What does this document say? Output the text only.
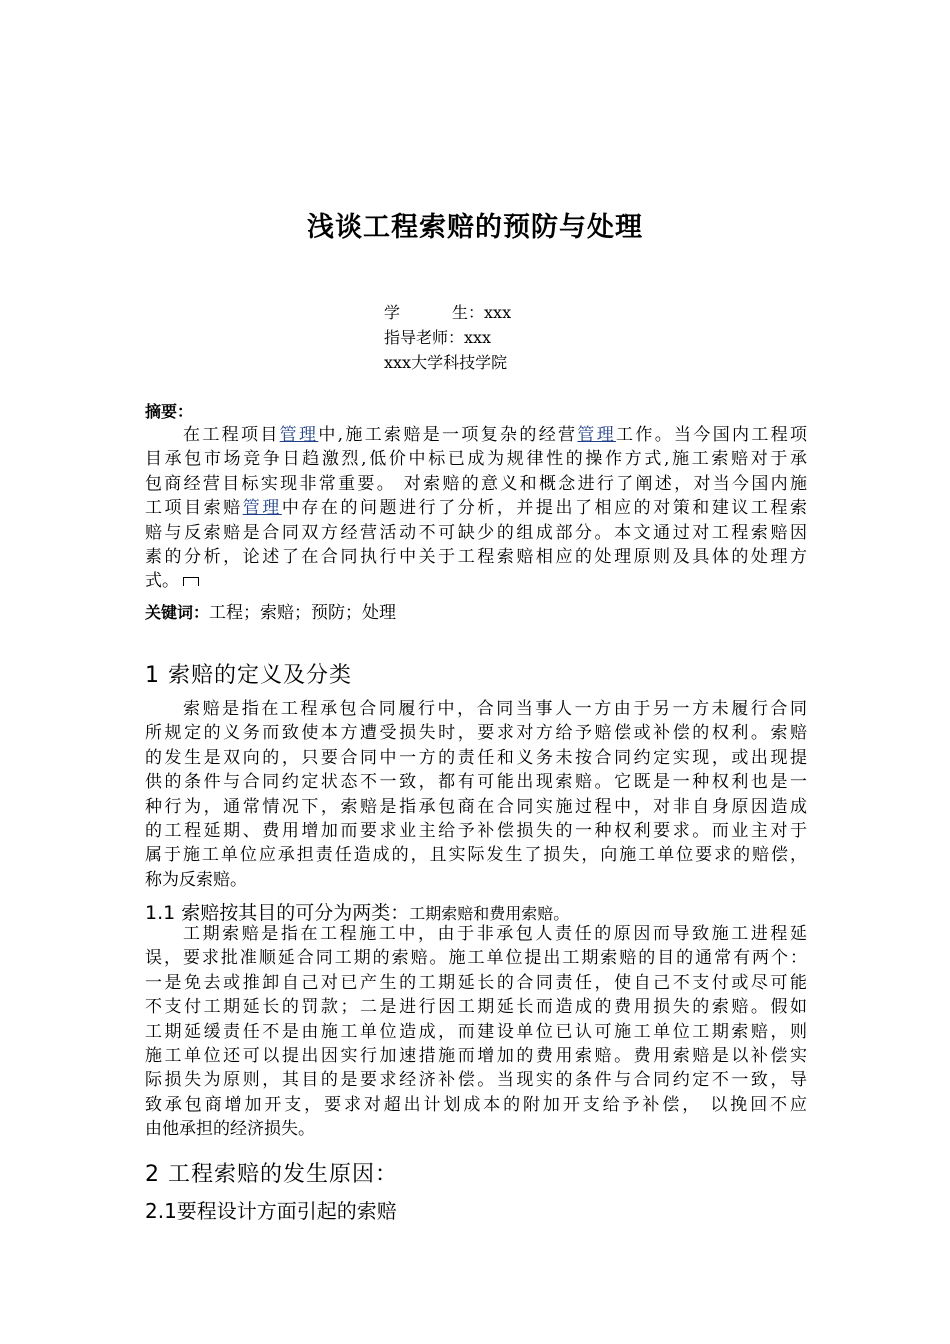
浅谈工程索赔的预防与处理
学	生：xxx
指导老师：xxx
xxx大学科技学院
摘要：
在工程项目管理中,施工索赔是一项复杂的经营管理工作。当今国内工程项
目承包市场竞争日趋激烈,低价中标已成为规律性的操作方式,施工索赔对于承
包商经营目标实现非常重要。 对索赔的意义和概念进行了阐述，对当今国内施
工项目索赔管理中存在的问题进行了分析，并提出了相应的对策和建议工程索
赔与反索赔是合同双方经营活动不可缺少的组成部分。本文通过对工程索赔因
素的分析，论述了在合同执行中关于工程索赔相应的处理原则及具体的处理方
式。
关键词：工程；索赔；预防；处理
1 索赔的定义及分类
索赔是指在工程承包合同履行中，合同当事人一方由于另一方未履行合同
所规定的义务而致使本方遭受损失时，要求对方给予赔偿或补偿的权利。索赔
的发生是双向的，只要合同中一方的责任和义务未按合同约定实现，或出现提
供的条件与合同约定状态不一致，都有可能出现索赔。它既是一种权利也是一
种行为，通常情况下，索赔是指承包商在合同实施过程中，对非自身原因造成
的工程延期、费用增加而要求业主给予补偿损失的一种权利要求。而业主对于
属于施工单位应承担责任造成的，且实际发生了损失，向施工单位要求的赔偿，
称为反索赔。
1.1 索赔按其目的可分为两类：工期索赔和费用索赔。
工期索赔是指在工程施工中，由于非承包人责任的原因而导致施工进程延
误，要求批准顺延合同工期的索赔。施工单位提出工期索赔的目的通常有两个：
一是免去或推卸自己对已产生的工期延长的合同责任，使自己不支付或尽可能
不支付工期延长的罚款；二是进行因工期延长而造成的费用损失的索赔。假如
工期延缓责任不是由施工单位造成，而建设单位已认可施工单位工期索赔，则
施工单位还可以提出因实行加速措施而增加的费用索赔。费用索赔是以补偿实
际损失为原则，其目的是要求经济补偿。当现实的条件与合同约定不一致，导
致承包商增加开支，要求对超出计划成本的附加开支给予补偿， 以挽回不应
由他承担的经济损失。
2 工程索赔的发生原因：
2.1要程设计方面引起的索赔
